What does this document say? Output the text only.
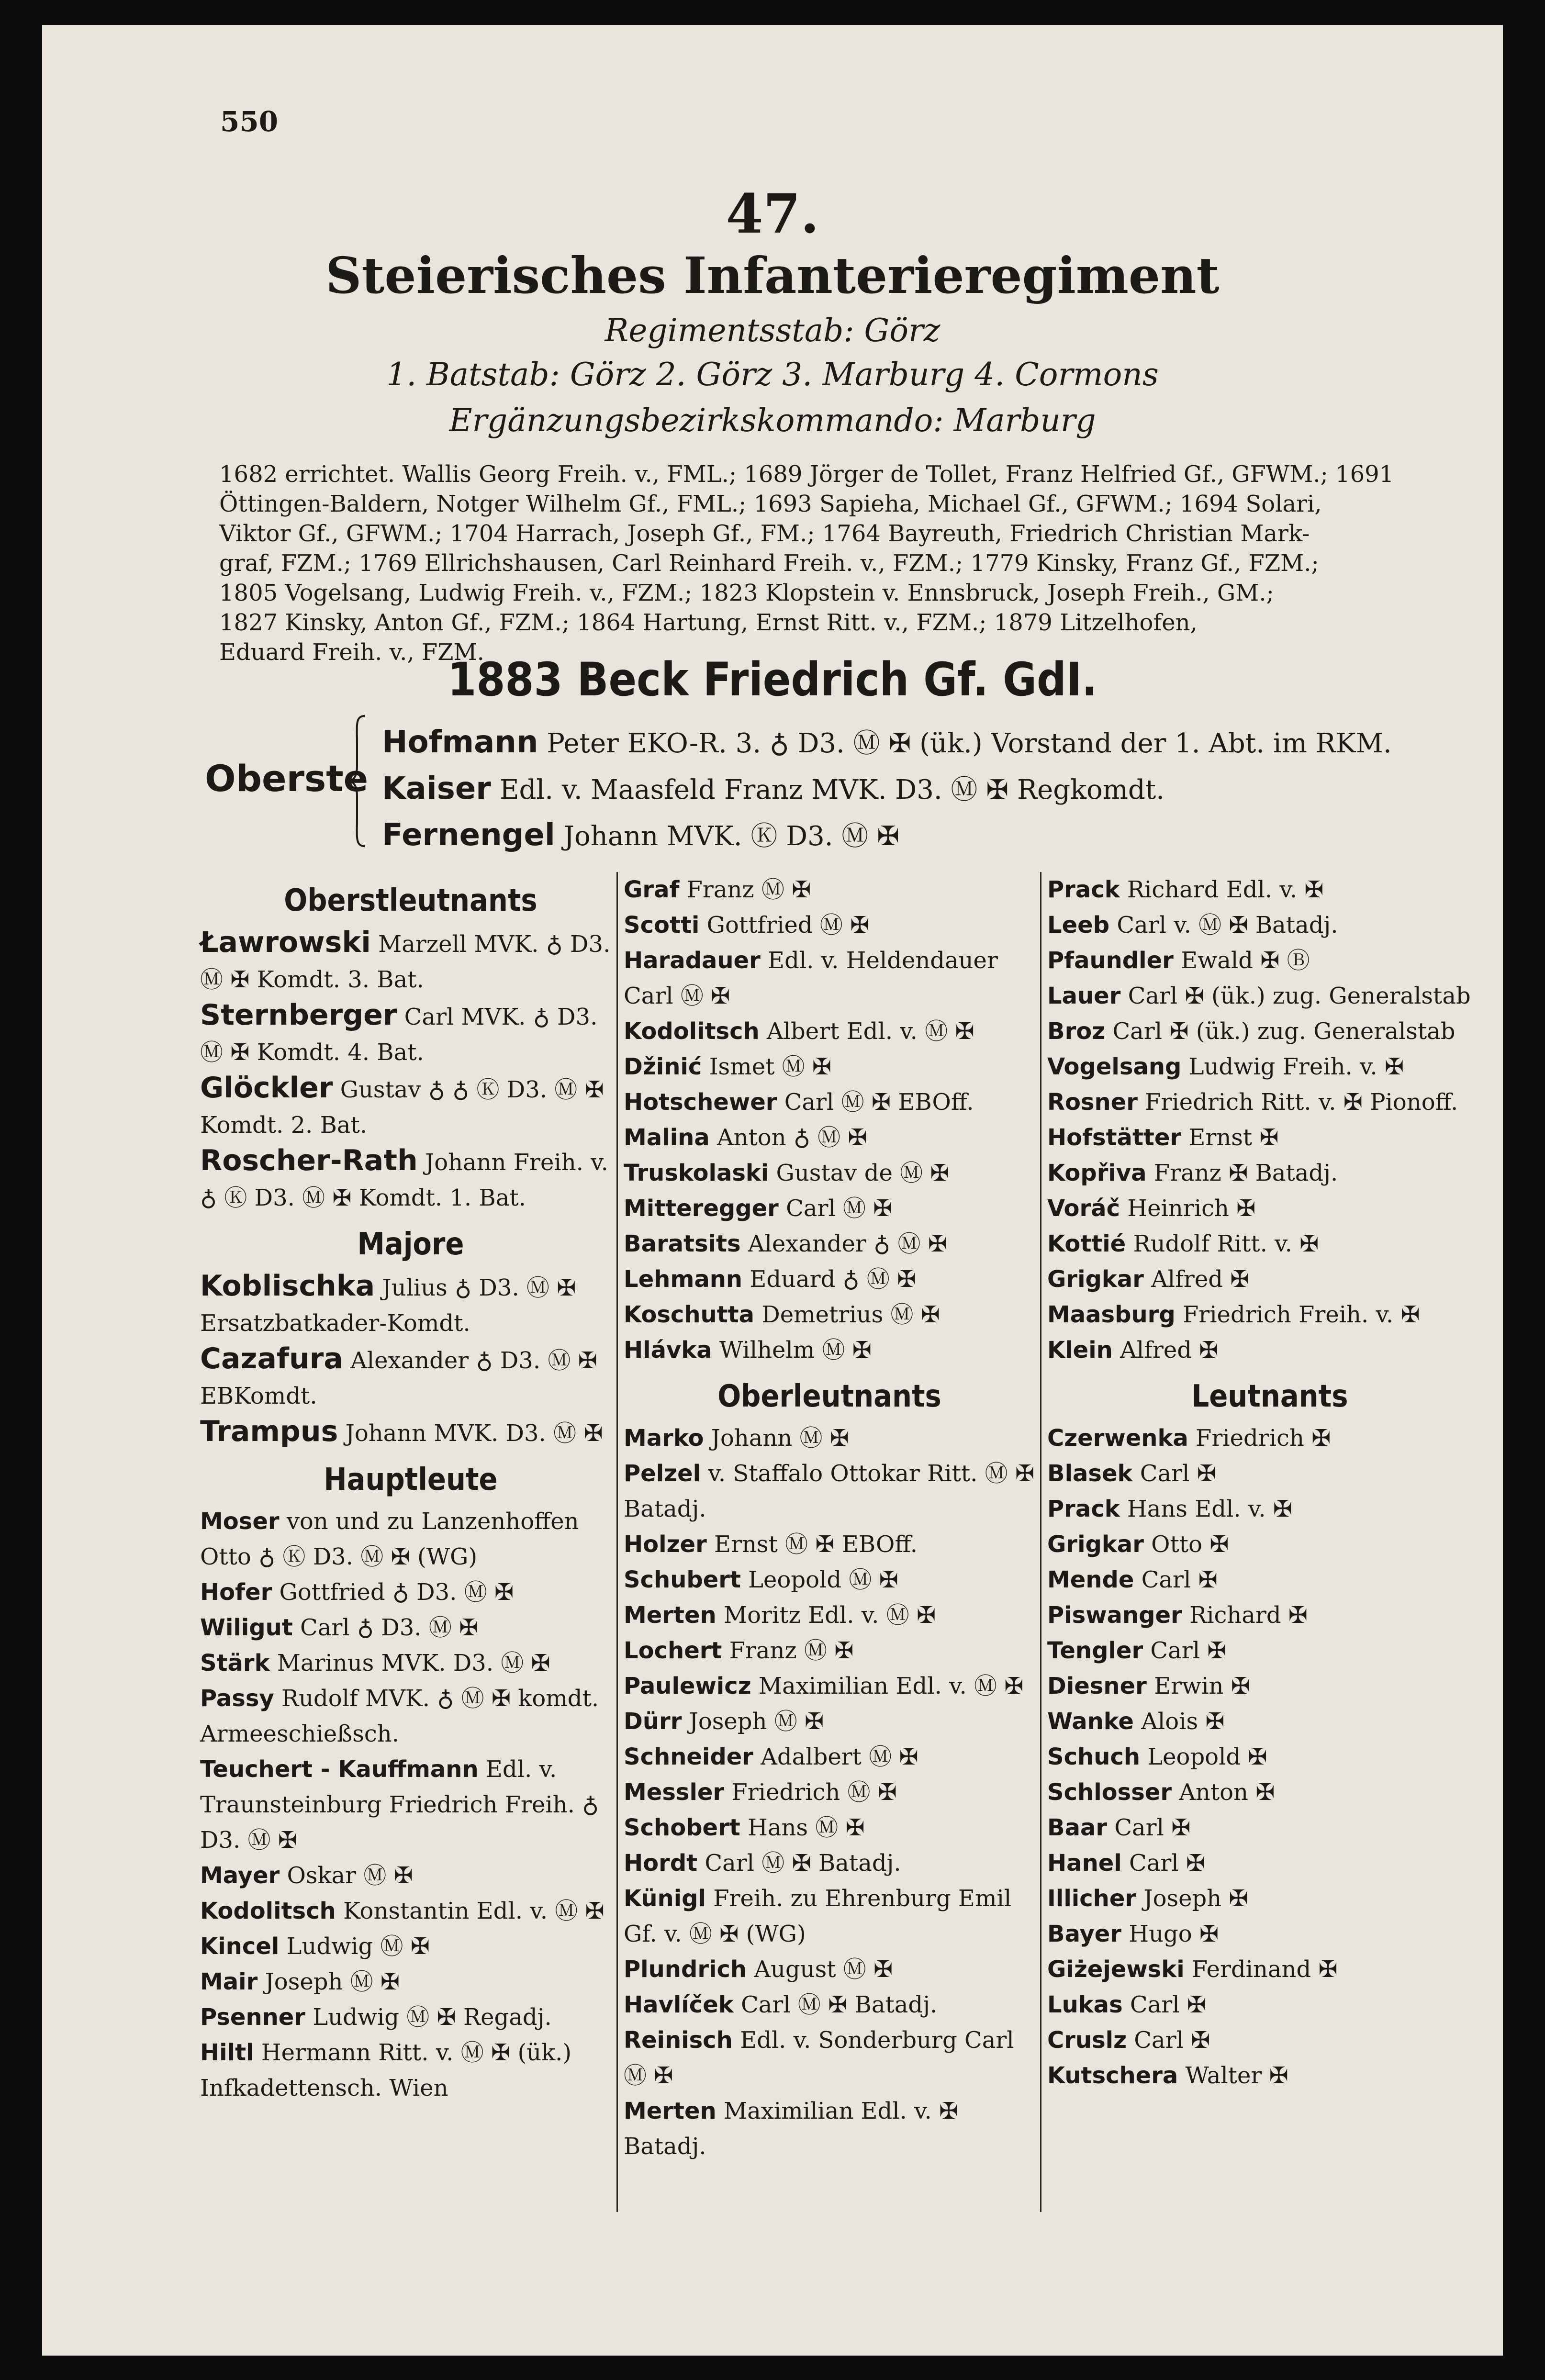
550
47.
Steierisches Infanterieregiment
Regimentsstab: Görz
1. Batstab: Görz 2. Görz 3. Marburg 4. Cormons
Ergänzungsbezirkskommando: Marburg
1682 errichtet. Wallis Georg Freih. v., FML.; 1689 Jörger de Tollet, Franz Helfried Gf., GFWM.; 1691
Öttingen-Baldern, Notger Wilhelm Gf., FML.; 1693 Sapieha, Michael Gf., GFWM.; 1694 Solari,
Viktor Gf., GFWM.; 1704 Harrach, Joseph Gf., FM.; 1764 Bayreuth, Friedrich Christian Mark-
graf, FZM.; 1769 Ellrichshausen, Carl Reinhard Freih. v., FZM.; 1779 Kinsky, Franz Gf., FZM.;
1805 Vogelsang, Ludwig Freih. v., FZM.; 1823 Klopstein v. Ennsbruck, Joseph Freih., GM.;
1827 Kinsky, Anton Gf., FZM.; 1864 Hartung, Ernst Ritt. v., FZM.; 1879 Litzelhofen,
Eduard Freih. v., FZM.
1883 Beck Friedrich Gf. GdI.
Oberste
Hofmann Peter EKO-R. 3. ♁ D3. Ⓜ ✠ (ük.) Vorstand der 1. Abt. im RKM.
Kaiser Edl. v. Maasfeld Franz MVK. D3. Ⓜ ✠ Regkomdt.
Fernengel Johann MVK. Ⓚ D3. Ⓜ ✠
Oberstleutnants
Ławrowski Marzell MVK. ♁ D3. Ⓜ ✠ Komdt. 3. Bat.
Sternberger Carl MVK. ♁ D3. Ⓜ ✠ Komdt. 4. Bat.
Glöckler Gustav ♁ ♁ Ⓚ D3. Ⓜ ✠ Komdt. 2. Bat.
Roscher-Rath Johann Freih. v. ♁ Ⓚ D3. Ⓜ ✠ Komdt. 1. Bat.
Majore
Koblischka Julius ♁ D3. Ⓜ ✠ Ersatzbatkader-Komdt.
Cazafura Alexander ♁ D3. Ⓜ ✠ EBKomdt.
Trampus Johann MVK. D3. Ⓜ ✠
Hauptleute
Moser von und zu Lanzenhoffen Otto ♁ Ⓚ D3. Ⓜ ✠ (WG)
Hofer Gottfried ♁ D3. Ⓜ ✠
Wiligut Carl ♁ D3. Ⓜ ✠
Stärk Marinus MVK. D3. Ⓜ ✠
Passy Rudolf MVK. ♁ Ⓜ ✠ komdt. Armeeschießsch.
Teuchert - Kauffmann Edl. v. Traunsteinburg Friedrich Freih. ♁ D3. Ⓜ ✠
Mayer Oskar Ⓜ ✠
Kodolitsch Konstantin Edl. v. Ⓜ ✠
Kincel Ludwig Ⓜ ✠
Mair Joseph Ⓜ ✠
Psenner Ludwig Ⓜ ✠ Regadj.
Hiltl Hermann Ritt. v. Ⓜ ✠ (ük.) Infkadettensch. Wien
Graf Franz Ⓜ ✠
Scotti Gottfried Ⓜ ✠
Haradauer Edl. v. Heldendauer Carl Ⓜ ✠
Kodolitsch Albert Edl. v. Ⓜ ✠
Džinić Ismet Ⓜ ✠
Hotschewer Carl Ⓜ ✠ EBOff.
Malina Anton ♁ Ⓜ ✠
Truskolaski Gustav de Ⓜ ✠
Mitteregger Carl Ⓜ ✠
Baratsits Alexander ♁ Ⓜ ✠
Lehmann Eduard ♁ Ⓜ ✠
Koschutta Demetrius Ⓜ ✠
Hlávka Wilhelm Ⓜ ✠
Oberleutnants
Marko Johann Ⓜ ✠
Pelzel v. Staffalo Ottokar Ritt. Ⓜ ✠ Batadj.
Holzer Ernst Ⓜ ✠ EBOff.
Schubert Leopold Ⓜ ✠
Merten Moritz Edl. v. Ⓜ ✠
Lochert Franz Ⓜ ✠
Paulewicz Maximilian Edl. v. Ⓜ ✠
Dürr Joseph Ⓜ ✠
Schneider Adalbert Ⓜ ✠
Messler Friedrich Ⓜ ✠
Schobert Hans Ⓜ ✠
Hordt Carl Ⓜ ✠ Batadj.
Künigl Freih. zu Ehrenburg Emil Gf. v. Ⓜ ✠ (WG)
Plundrich August Ⓜ ✠
Havlíček Carl Ⓜ ✠ Batadj.
Reinisch Edl. v. Sonderburg Carl Ⓜ ✠
Merten Maximilian Edl. v. ✠ Batadj.
Prack Richard Edl. v. ✠
Leeb Carl v. Ⓜ ✠ Batadj.
Pfaundler Ewald ✠ Ⓑ
Lauer Carl ✠ (ük.) zug. Generalstab
Broz Carl ✠ (ük.) zug. Generalstab
Vogelsang Ludwig Freih. v. ✠
Rosner Friedrich Ritt. v. ✠ Pionoff.
Hofstätter Ernst ✠
Kopřiva Franz ✠ Batadj.
Voráč Heinrich ✠
Kottié Rudolf Ritt. v. ✠
Grigkar Alfred ✠
Maasburg Friedrich Freih. v. ✠
Klein Alfred ✠
Leutnants
Czerwenka Friedrich ✠
Blasek Carl ✠
Prack Hans Edl. v. ✠
Grigkar Otto ✠
Mende Carl ✠
Piswanger Richard ✠
Tengler Carl ✠
Diesner Erwin ✠
Wanke Alois ✠
Schuch Leopold ✠
Schlosser Anton ✠
Baar Carl ✠
Hanel Carl ✠
Illicher Joseph ✠
Bayer Hugo ✠
Giżejewski Ferdinand ✠
Lukas Carl ✠
Cruslz Carl ✠
Kutschera Walter ✠
